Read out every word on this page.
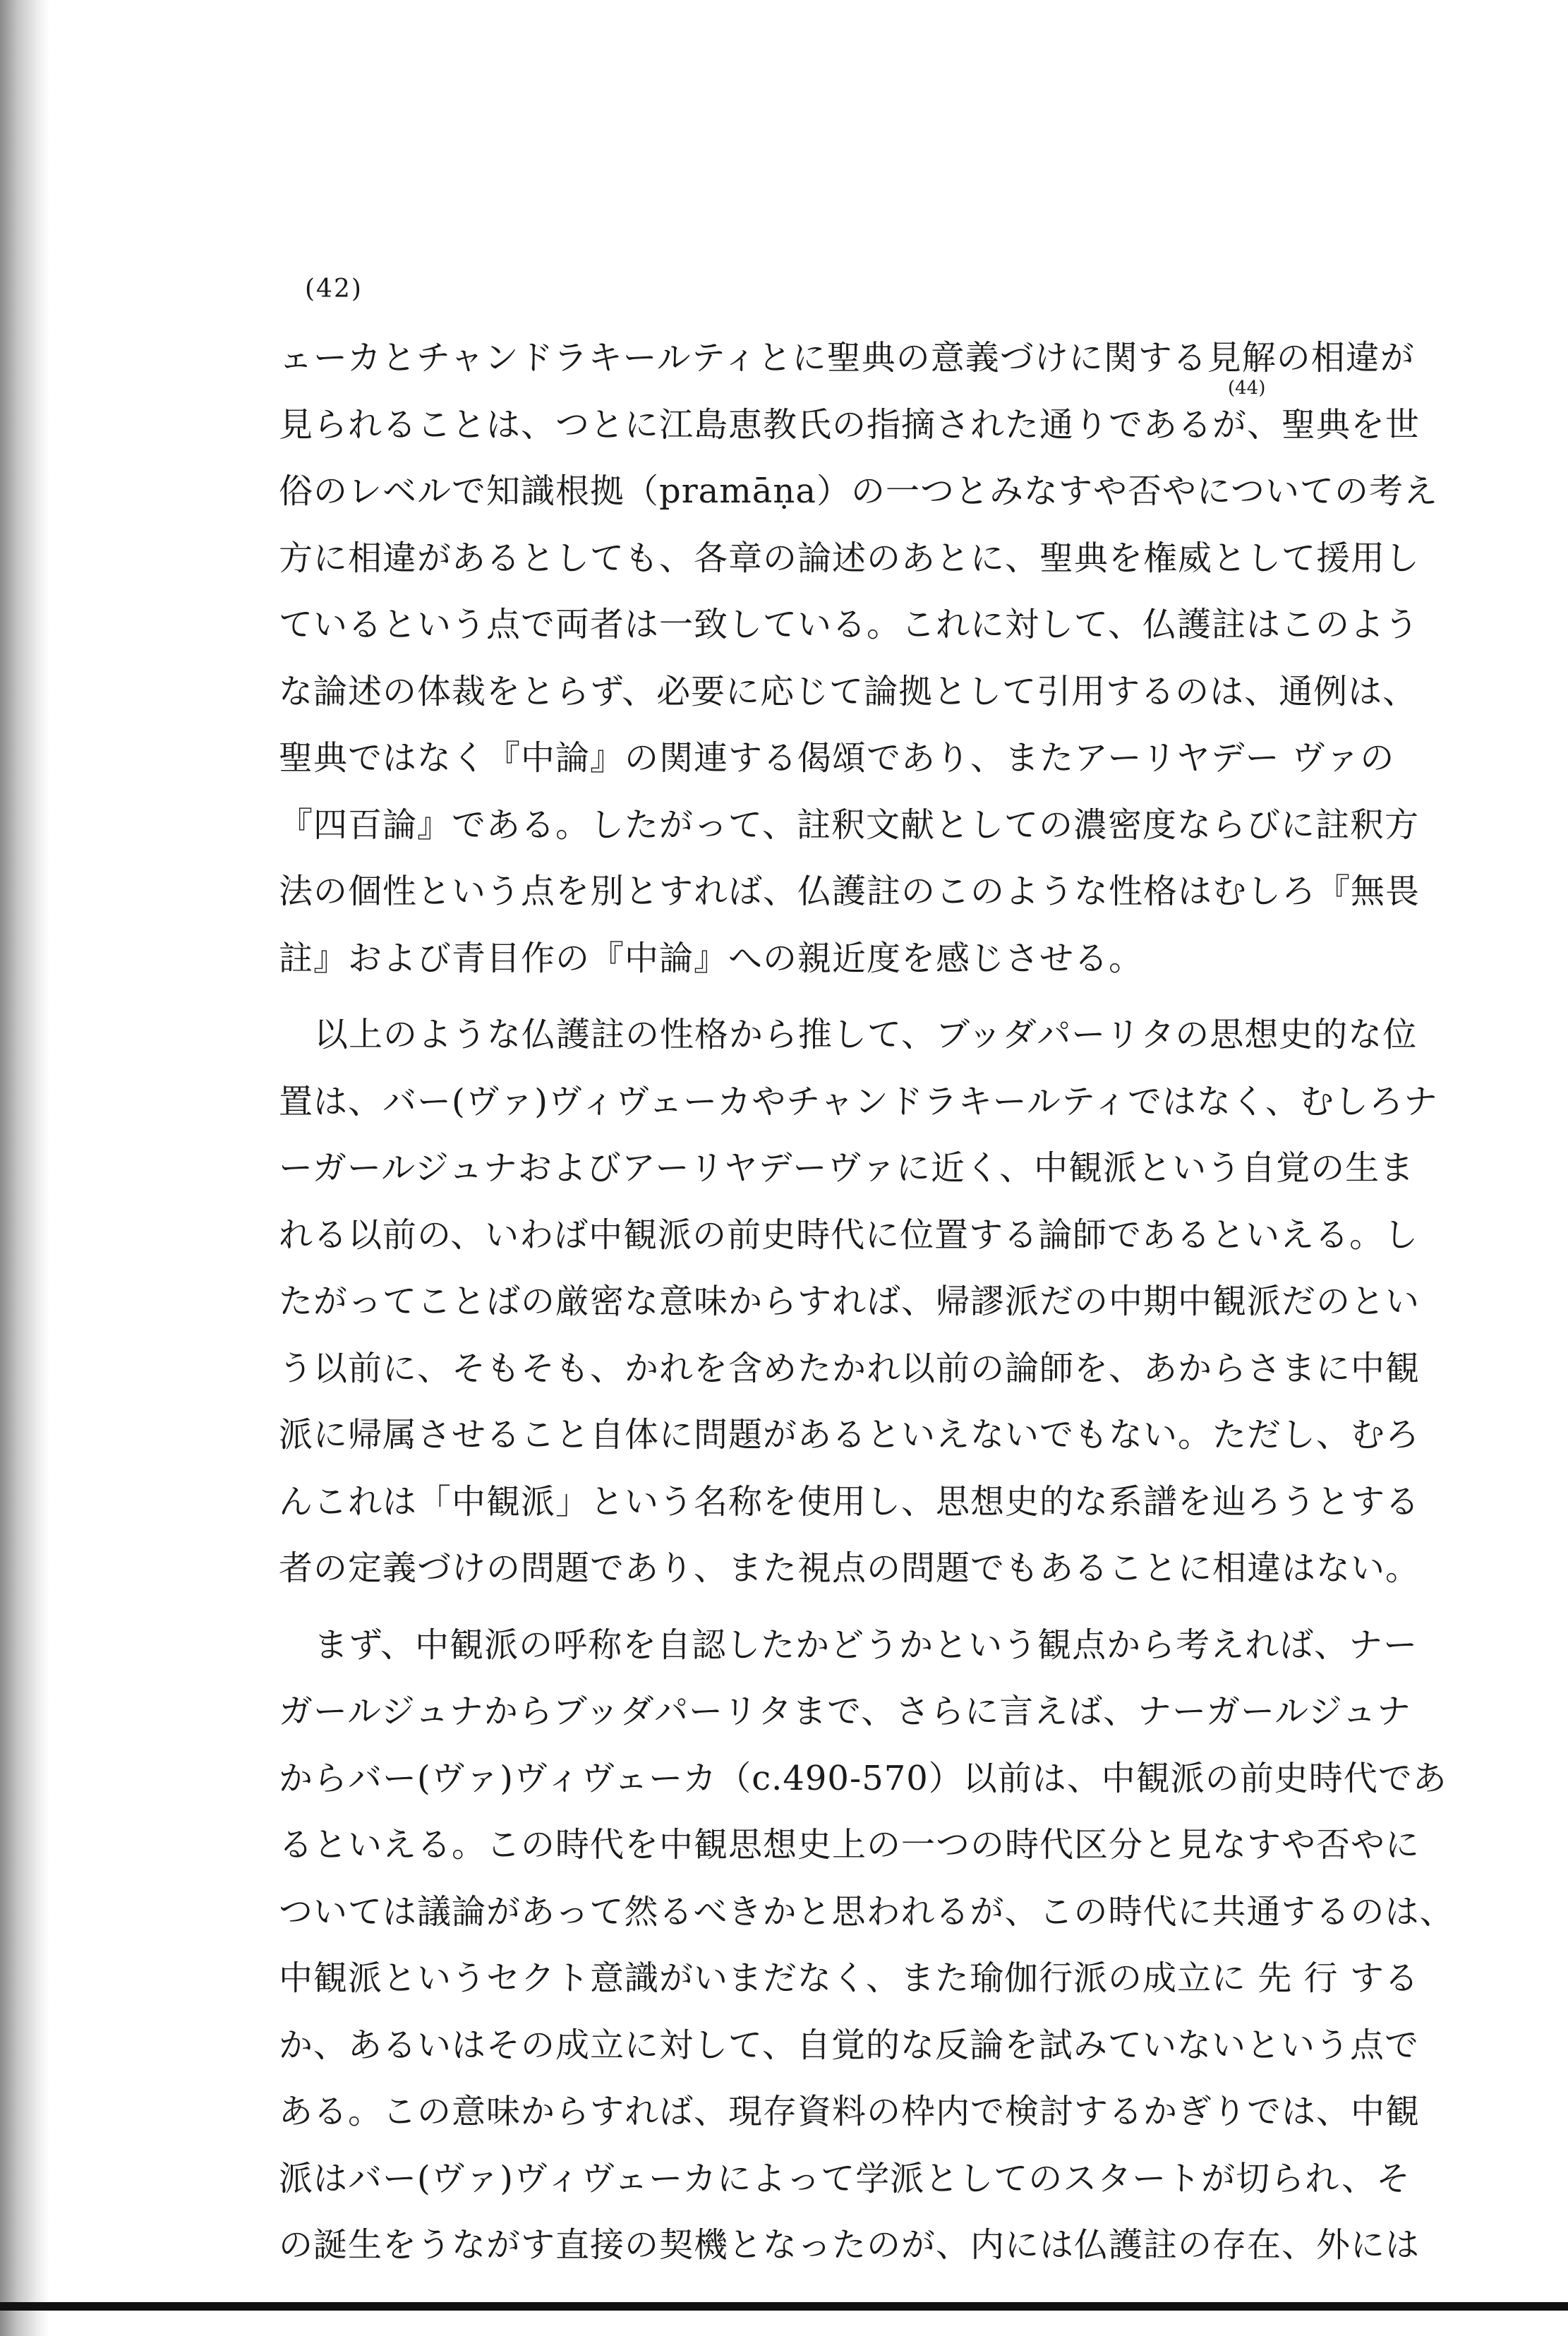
(42)
(44)
ェーカとチャンドラキールティとに聖典の意義づけに関する見解の相違が
見られることは、つとに江島恵教氏の指摘された通りであるが、聖典を世
俗のレベルで知識根拠（pramāṇa）の一つとみなすや否やについての考え
方に相違があるとしても、各章の論述のあとに、聖典を権威として援用し
ているという点で両者は一致している。これに対して、仏護註はこのよう
な論述の体裁をとらず、必要に応じて論拠として引用するのは、通例は、
聖典ではなく『中論』の関連する偈頌であり、またアーリヤデー ヴァの
『四百論』である。したがって、註釈文献としての濃密度ならびに註釈方
法の個性という点を別とすれば、仏護註のこのような性格はむしろ『無畏
註』および青目作の『中論』への親近度を感じさせる。
以上のような仏護註の性格から推して、ブッダパーリタの思想史的な位
置は、バー(ヴァ)ヴィヴェーカやチャンドラキールティではなく、むしろナ
ーガールジュナおよびアーリヤデーヴァに近く、中観派という自覚の生ま
れる以前の、いわば中観派の前史時代に位置する論師であるといえる。し
たがってことばの厳密な意味からすれば、帰謬派だの中期中観派だのとい
う以前に、そもそも、かれを含めたかれ以前の論師を、あからさまに中観
派に帰属させること自体に問題があるといえないでもない。ただし、むろ
んこれは「中観派」という名称を使用し、思想史的な系譜を辿ろうとする
者の定義づけの問題であり、また視点の問題でもあることに相違はない。
まず、中観派の呼称を自認したかどうかという観点から考えれば、ナー
ガールジュナからブッダパーリタまで、さらに言えば、ナーガールジュナ
からバー(ヴァ)ヴィヴェーカ（c.490-570）以前は、中観派の前史時代であ
るといえる。この時代を中観思想史上の一つの時代区分と見なすや否やに
ついては議論があって然るべきかと思われるが、この時代に共通するのは、
中観派というセクト意識がいまだなく、また瑜伽行派の成立に 先 行 する
か、あるいはその成立に対して、自覚的な反論を試みていないという点で
ある。この意味からすれば、現存資料の枠内で検討するかぎりでは、中観
派はバー(ヴァ)ヴィヴェーカによって学派としてのスタートが切られ、そ
の誕生をうながす直接の契機となったのが、内には仏護註の存在、外には
